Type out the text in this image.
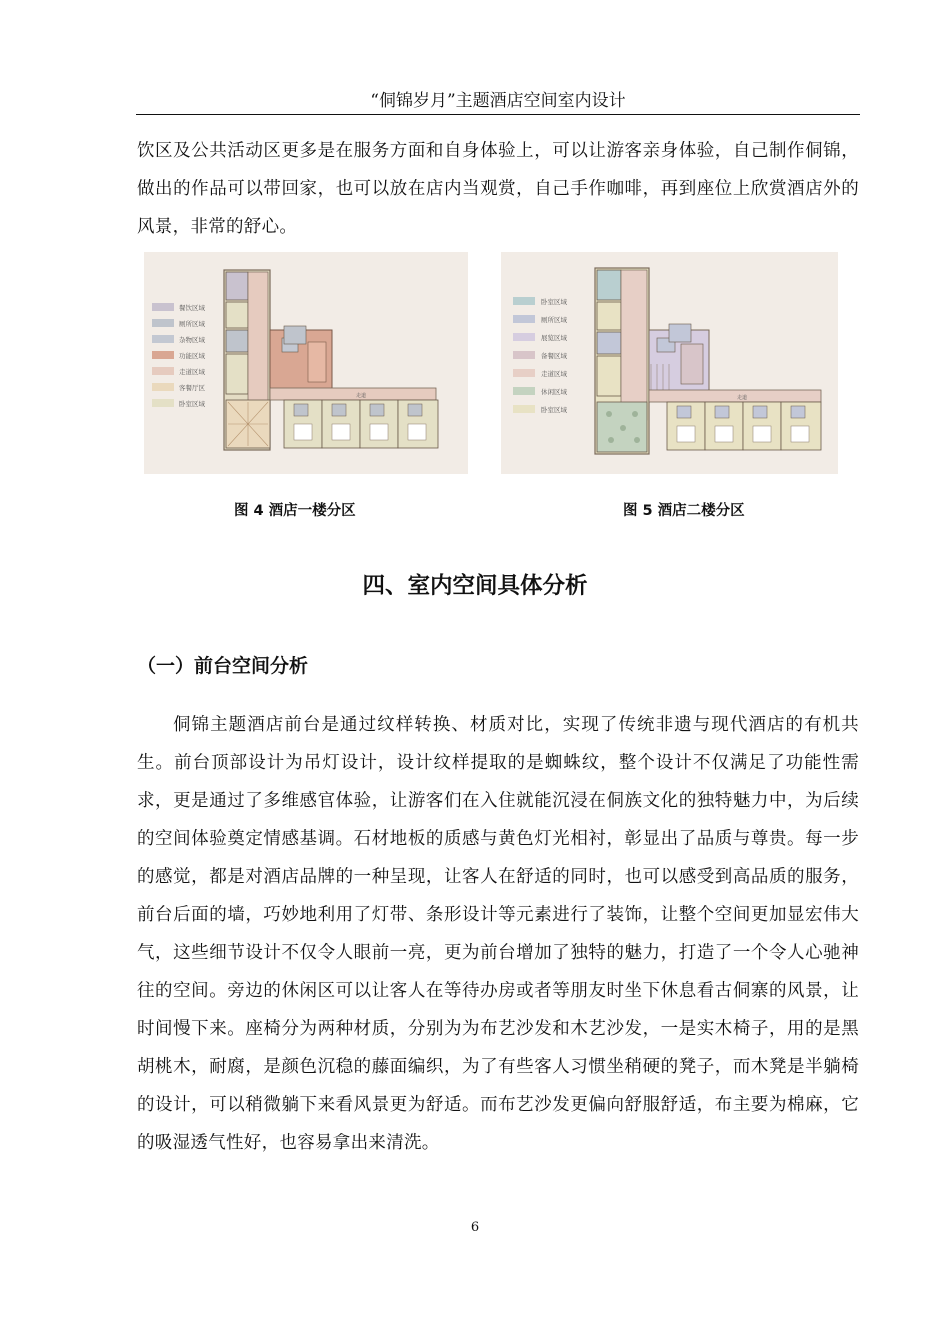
“侗锦岁月”主题酒店空间室内设计

饮区及公共活动区更多是在服务方面和自身体验上，可以让游客亲身体验，自己制作侗锦，做出的作品可以带回家，也可以放在店内当观赏，自己手作咖啡，再到座位上欣赏酒店外的风景，非常的舒心。

餐饮区域
厕所区域
杂物区域
功能区域
走道区域
客餐厅区
卧室区域
走道
卧室区域
厕所区域
展览区域
备餐区域
走道区域
休闲区域
卧室区域
走道
图 4 酒店一楼分区	图 5 酒店二楼分区
四、室内空间具体分析
（一）前台空间分析

侗锦主题酒店前台是通过纹样转换、材质对比，实现了传统非遗与现代酒店的有机共生。前台顶部设计为吊灯设计，设计纹样提取的是蜘蛛纹，整个设计不仅满足了功能性需求，更是通过了多维感官体验，让游客们在入住就能沉浸在侗族文化的独特魅力中，为后续的空间体验奠定情感基调。石材地板的质感与黄色灯光相衬，彰显出了品质与尊贵。每一步的感觉，都是对酒店品牌的一种呈现，让客人在舒适的同时，也可以感受到高品质的服务，前台后面的墙，巧妙地利用了灯带、条形设计等元素进行了装饰，让整个空间更加显宏伟大气，这些细节设计不仅令人眼前一亮，更为前台增加了独特的魅力，打造了一个令人心驰神往的空间。旁边的休闲区可以让客人在等待办房或者等朋友时坐下休息看古侗寨的风景，让时间慢下来。座椅分为两种材质，分别为为布艺沙发和木艺沙发，一是实木椅子，用的是黑胡桃木，耐腐，是颜色沉稳的藤面编织，为了有些客人习惯坐稍硬的凳子，而木凳是半躺椅的设计，可以稍微躺下来看风景更为舒适。而布艺沙发更偏向舒服舒适，布主要为棉麻，它的吸湿透气性好，也容易拿出来清洗。

6
